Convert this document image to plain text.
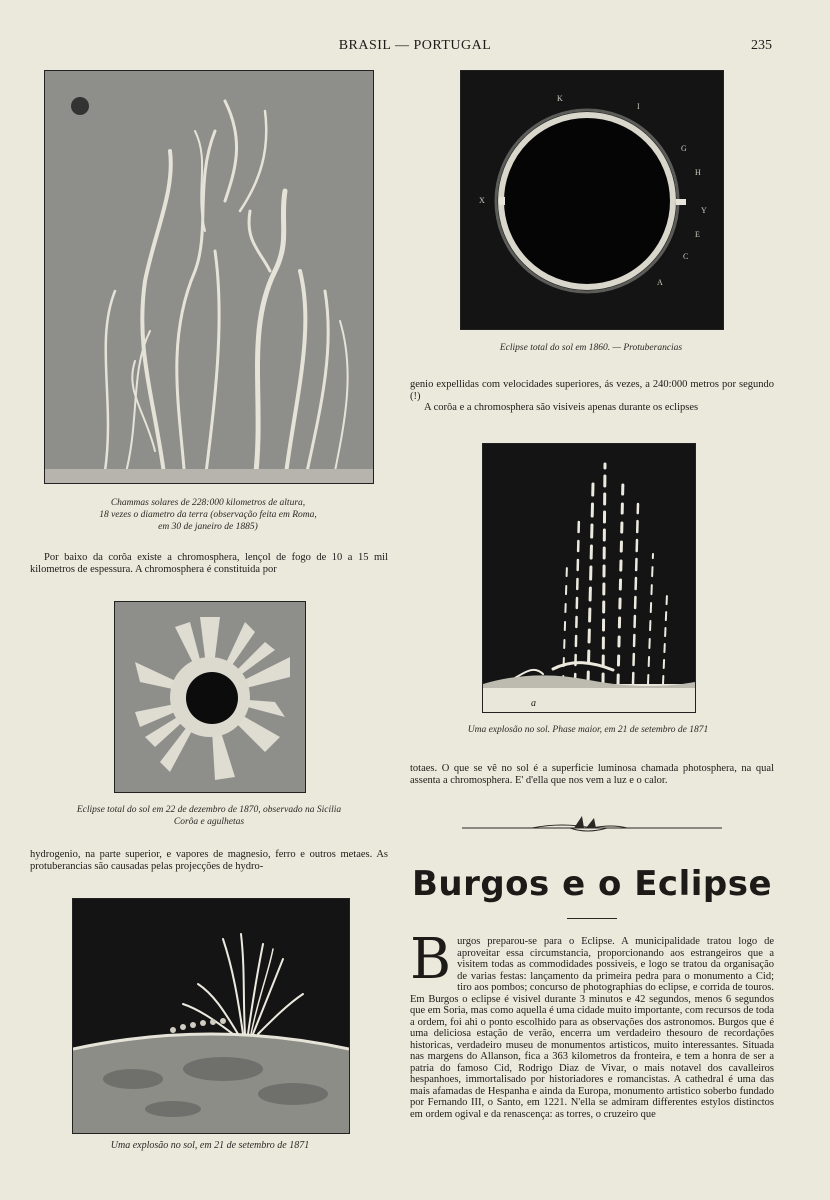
BRASIL — PORTUGAL	235
Chammas solares de 228:000 kilometros de altura,
18 vezes o diametro da terra (observação feita em Roma,
em 30 de janeiro de 1885)
K
I
G
H
X
Y
E
C
A
Eclipse total do sol em 1860. — Protuberancias

genio expellidas com velocidades superiores, ás vezes, a 240:000 metros por segundo (!)

A corôa e a chromosphera são visiveis apenas durante os eclipses

a
Uma explosão no sol. Phase maior, em 21 de setembro de 1871

totaes. O que se vê no sol é a superficie luminosa chamada photosphera, na qual assenta a chromosphera. E' d'ella que nos vem a luz e o calor.

Por baixo da corôa existe a chromosphera, lençol de fogo de 10 a 15 mil kilometros de espessura. A chromosphera é constituida por

Eclipse total do sol em 22 de dezembro de 1870, observado na Sicilia
Corôa e agulhetas

hydrogenio, na parte superior, e vapores de magnesio, ferro e outros metaes. As protuberancias são causadas pelas projecções de hydro-

Uma explosão no sol, em 21 de setembro de 1871
Burgos e o Eclipse
Burgos preparou-se para o Eclipse. A municipalidade tratou logo de aproveitar essa circumstancia, proporcionando aos estrangeiros que a visitem todas as commodidades possiveis, e logo se tratou da organisação de varias festas: lançamento da primeira pedra para o monumento a Cid; tiro aos pombos; concurso de photographias do eclipse, e corrida de touros. Em Burgos o eclipse é visivel durante 3 minutos e 42 segundos, menos 6 segundos que em Soria, mas como aquella é uma cidade muito importante, com recursos de toda a ordem, foi ahi o ponto escolhido para as observações dos astronomos. Burgos que é uma deliciosa estação de verão, encerra um verdadeiro thesouro de recordações historicas, verdadeiro museu de monumentos artisticos, muito interessantes. Situada nas margens do Allanson, fica a 363 kilometros da fronteira, e tem a honra de ser a patria do famoso Cid, Rodrigo Diaz de Vivar, o mais notavel dos cavalleiros hespanhoes, immortalisado por historiadores e romancistas. A cathedral é uma das mais afamadas de Hespanha e ainda da Europa, monumento artistico soberbo fundado por Fernando III, o Santo, em 1221. N'ella se admiram differentes estylos distinctos em ordem ogival e da renascença: as torres, o cruzeiro que
